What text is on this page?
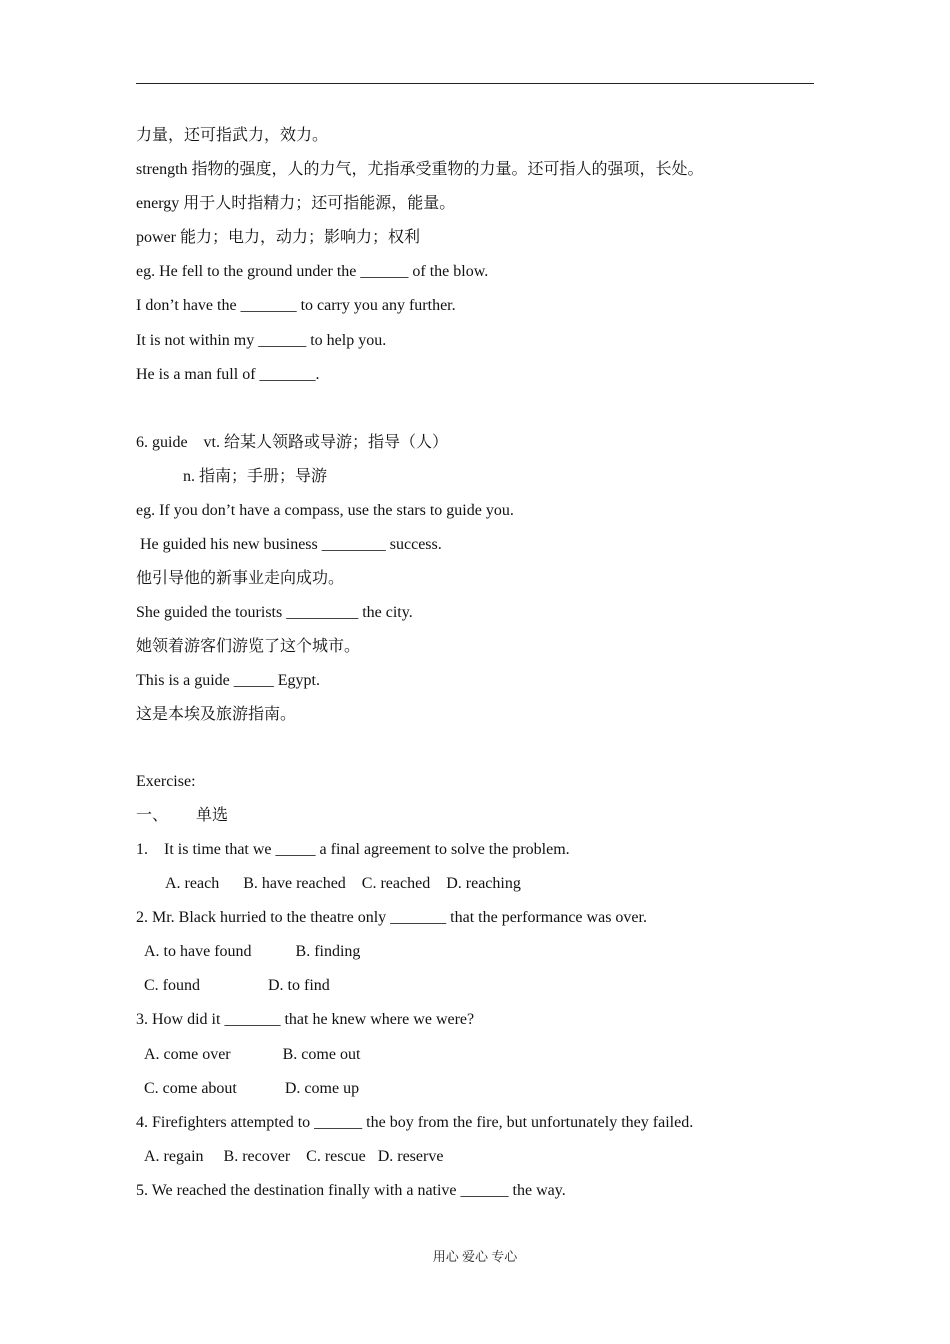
力量，还可指武力，效力。
strength 指物的强度，人的力气，尤指承受重物的力量。还可指人的强项，长处。
energy 用于人时指精力；还可指能源，能量。
power 能力；电力，动力；影响力；权利
eg. He fell to the ground under the ______ of the blow.
I don’t have the _______ to carry you any further.
It is not within my ______ to help you.
He is a man full of _______.
6. guide    vt. 给某人领路或导游；指导（人）
n. 指南；手册；导游
eg. If you don’t have a compass, use the stars to guide you.
He guided his new business ________ success.
他引导他的新事业走向成功。
She guided the tourists _________ the city.
她领着游客们游览了这个城市。
This is a guide _____ Egypt.
这是本埃及旅游指南。
Exercise:
一、       单选
1.    It is time that we _____ a final agreement to solve the problem.
A. reach      B. have reached    C. reached    D. reaching
2. Mr. Black hurried to the theatre only _______ that the performance was over.
A. to have found           B. finding
C. found                 D. to find
3. How did it _______ that he knew where we were?
A. come over             B. come out
C. come about            D. come up
4. Firefighters attempted to ______ the boy from the fire, but unfortunately they failed.
A. regain     B. recover    C. rescue   D. reserve
5. We reached the destination finally with a native ______ the way.
用心 爱心 专心
